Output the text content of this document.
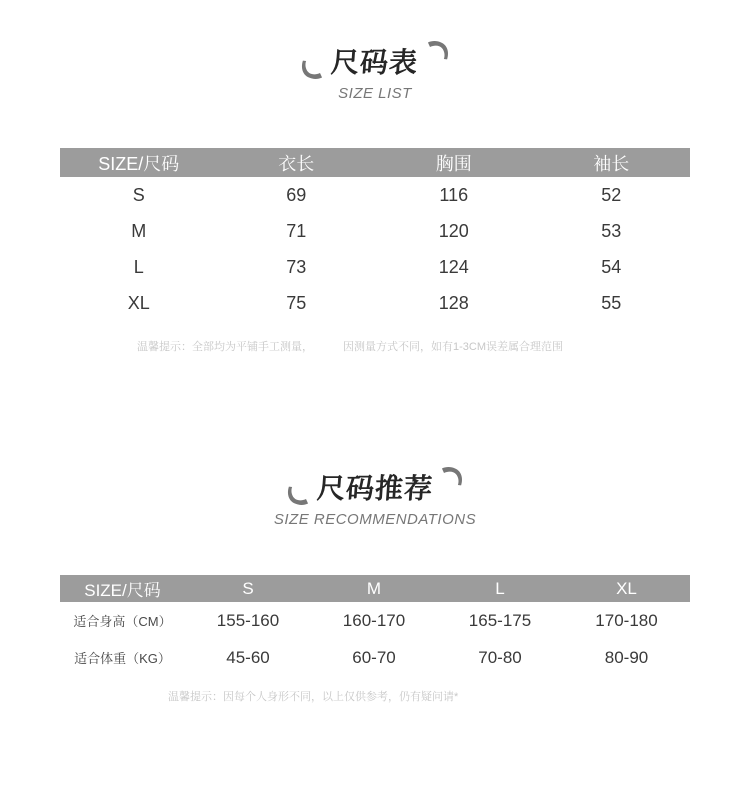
尺码表
SIZE LIST
SIZE/尺码	衣长	胸围	袖长
S	69	116	52
M	71	120	53
L	73	124	54
XL	75	128	55
温馨提示：全部均为平铺手工测量，	因测量方式不同，如有1-3CM误差属合理范围
尺码推荐
SIZE RECOMMENDATIONS
SIZE/尺码	S	M	L	XL
适合身高（CM）	155-160	160-170	165-175	170-180
适合体重（KG）	45-60	60-70	70-80	80-90
温馨提示：因每个人身形不同，以上仅供参考，仍有疑问请*
